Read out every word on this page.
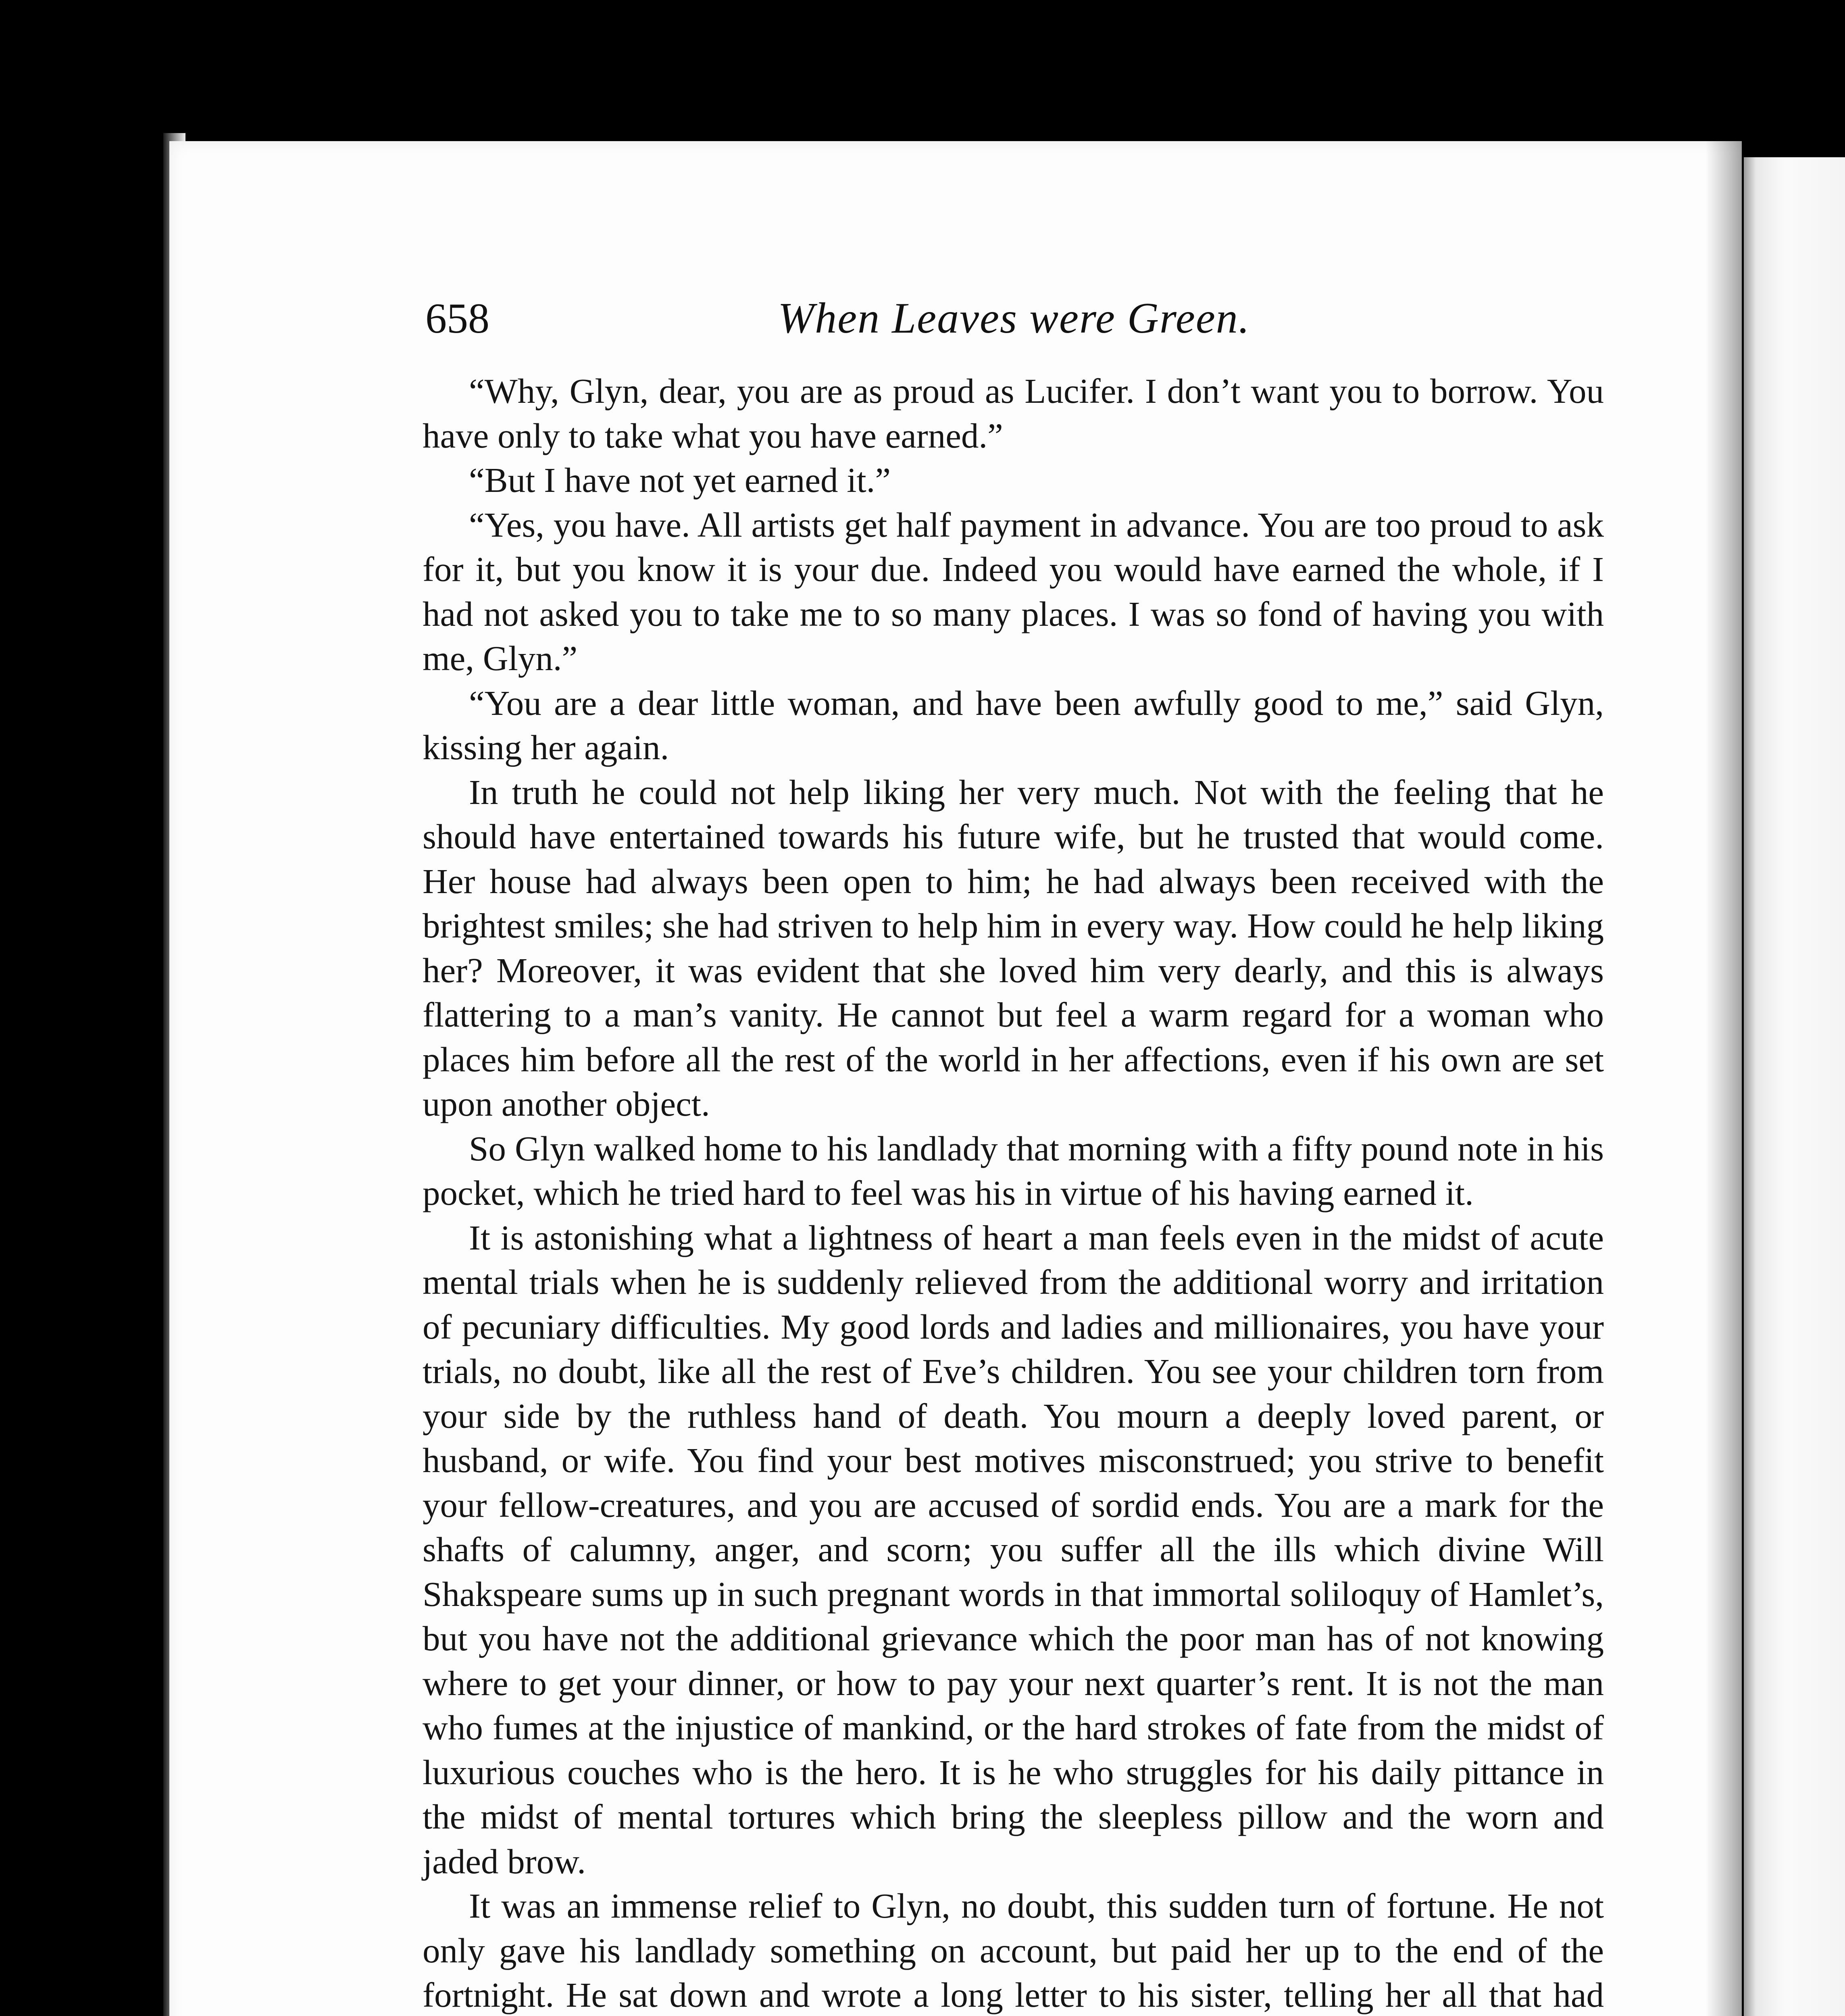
658	When Leaves were Green.

“Why, Glyn, dear, you are as proud as Lucifer. I don’t want you to borrow. You have only to take what you have earned.”

“But I have not yet earned it.”

“Yes, you have. All artists get half payment in advance. You are too proud to ask for it, but you know it is your due. Indeed you would have earned the whole, if I had not asked you to take me to so many places. I was so fond of having you with me, Glyn.”

“You are a dear little woman, and have been awfully good to me,” said Glyn, kissing her again.

In truth he could not help liking her very much. Not with the feeling that he should have entertained towards his future wife, but he trusted that would come. Her house had always been open to him; he had always been received with the brightest smiles; she had striven to help him in every way. How could he help liking her? Moreover, it was evident that she loved him very dearly, and this is always flattering to a man’s vanity. He cannot but feel a warm regard for a woman who places him before all the rest of the world in her affections, even if his own are set upon another object.

So Glyn walked home to his landlady that morning with a fifty pound note in his pocket, which he tried hard to feel was his in virtue of his having earned it.

It is astonishing what a lightness of heart a man feels even in the midst of acute mental trials when he is suddenly relieved from the additional worry and irritation of pecuniary difficulties. My good lords and ladies and millionaires, you have your trials, no doubt, like all the rest of Eve’s children. You see your children torn from your side by the ruthless hand of death. You mourn a deeply loved parent, or husband, or wife. You find your best motives misconstrued; you strive to benefit your fellow-creatures, and you are accused of sordid ends. You are a mark for the shafts of calumny, anger, and scorn; you suffer all the ills which divine Will Shakspeare sums up in such pregnant words in that immortal soliloquy of Hamlet’s, but you have not the additional grievance which the poor man has of not knowing where to get your dinner, or how to pay your next quarter’s rent. It is not the man who fumes at the injustice of mankind, or the hard strokes of fate from the midst of luxurious couches who is the hero. It is he who struggles for his daily pittance in the midst of mental tortures which bring the sleepless pillow and the worn and jaded brow.

It was an immense relief to Glyn, no doubt, this sudden turn of fortune. He not only gave his landlady something on account, but paid her up to the end of the fortnight. He sat down and wrote a long letter to his sister, telling her all that had
